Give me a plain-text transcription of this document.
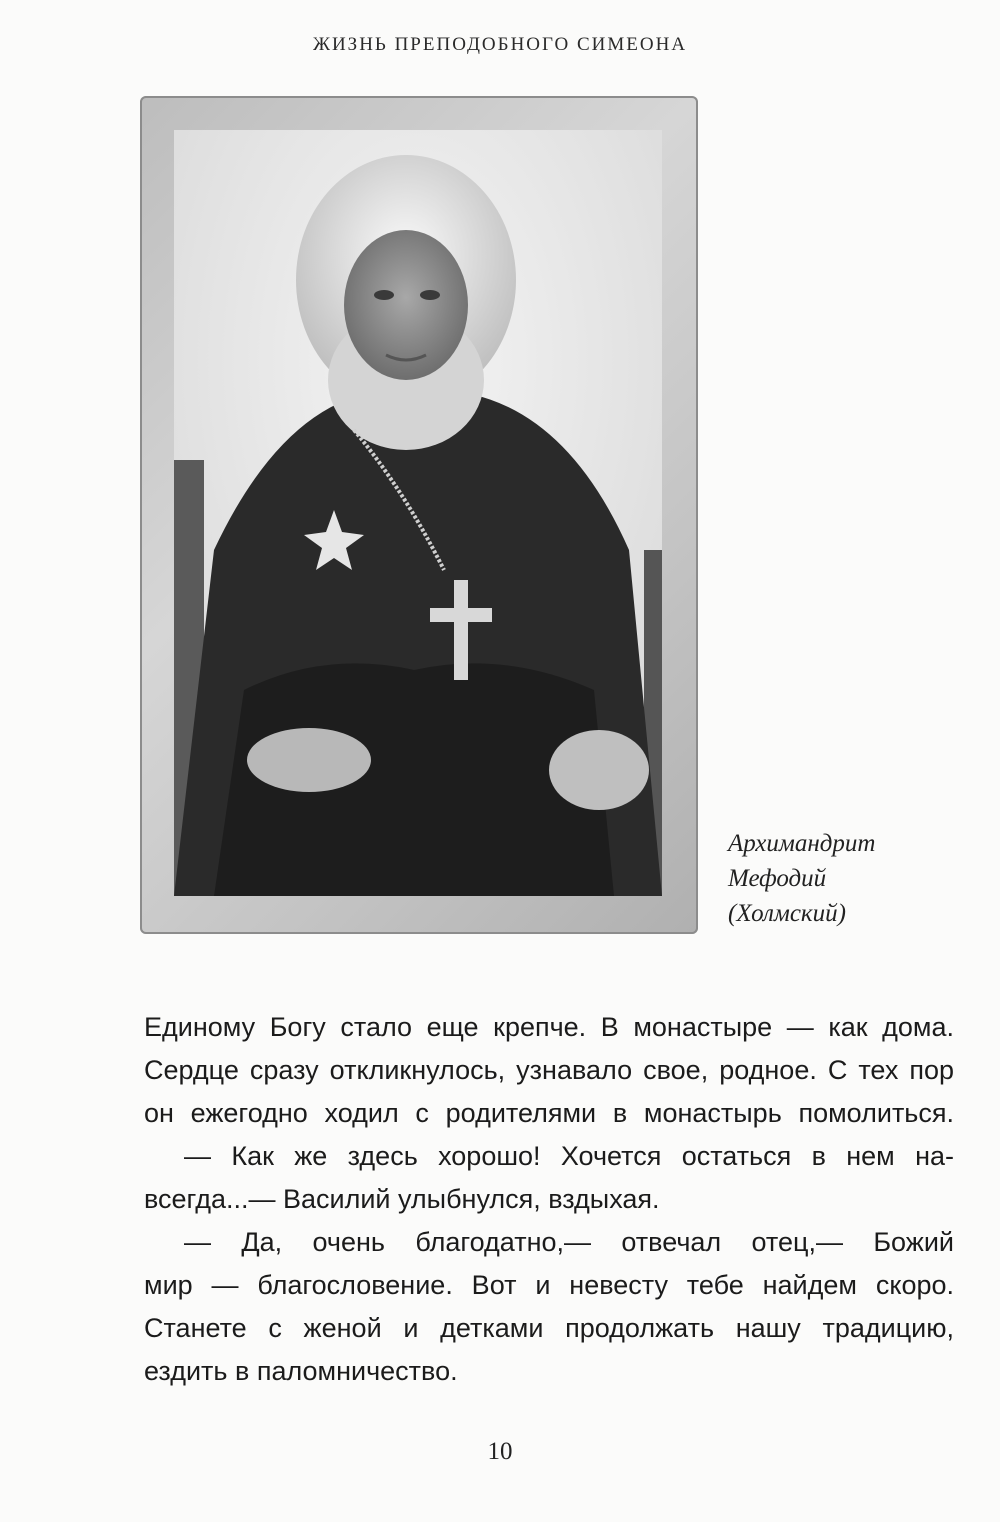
ЖИЗНЬ ПРЕПОДОБНОГО СИМЕОНА
Архимандрит
Мефодий
(Холмский)
Единому Богу стало еще крепче. В монастыре — как дома.
Сердце сразу откликнулось, узнавало свое, родное. С тех пор
он ежегодно ходил с родителями в монастырь помолиться.
— Как же здесь хорошо! Хочется остаться в нем на-
всегда...— Василий улыбнулся, вздыхая.
— Да, очень благодатно,— отвечал отец,— Божий
мир — благословение. Вот и невесту тебе найдем скоро.
Станете с женой и детками продолжать нашу традицию,
ездить в паломничество.
10
